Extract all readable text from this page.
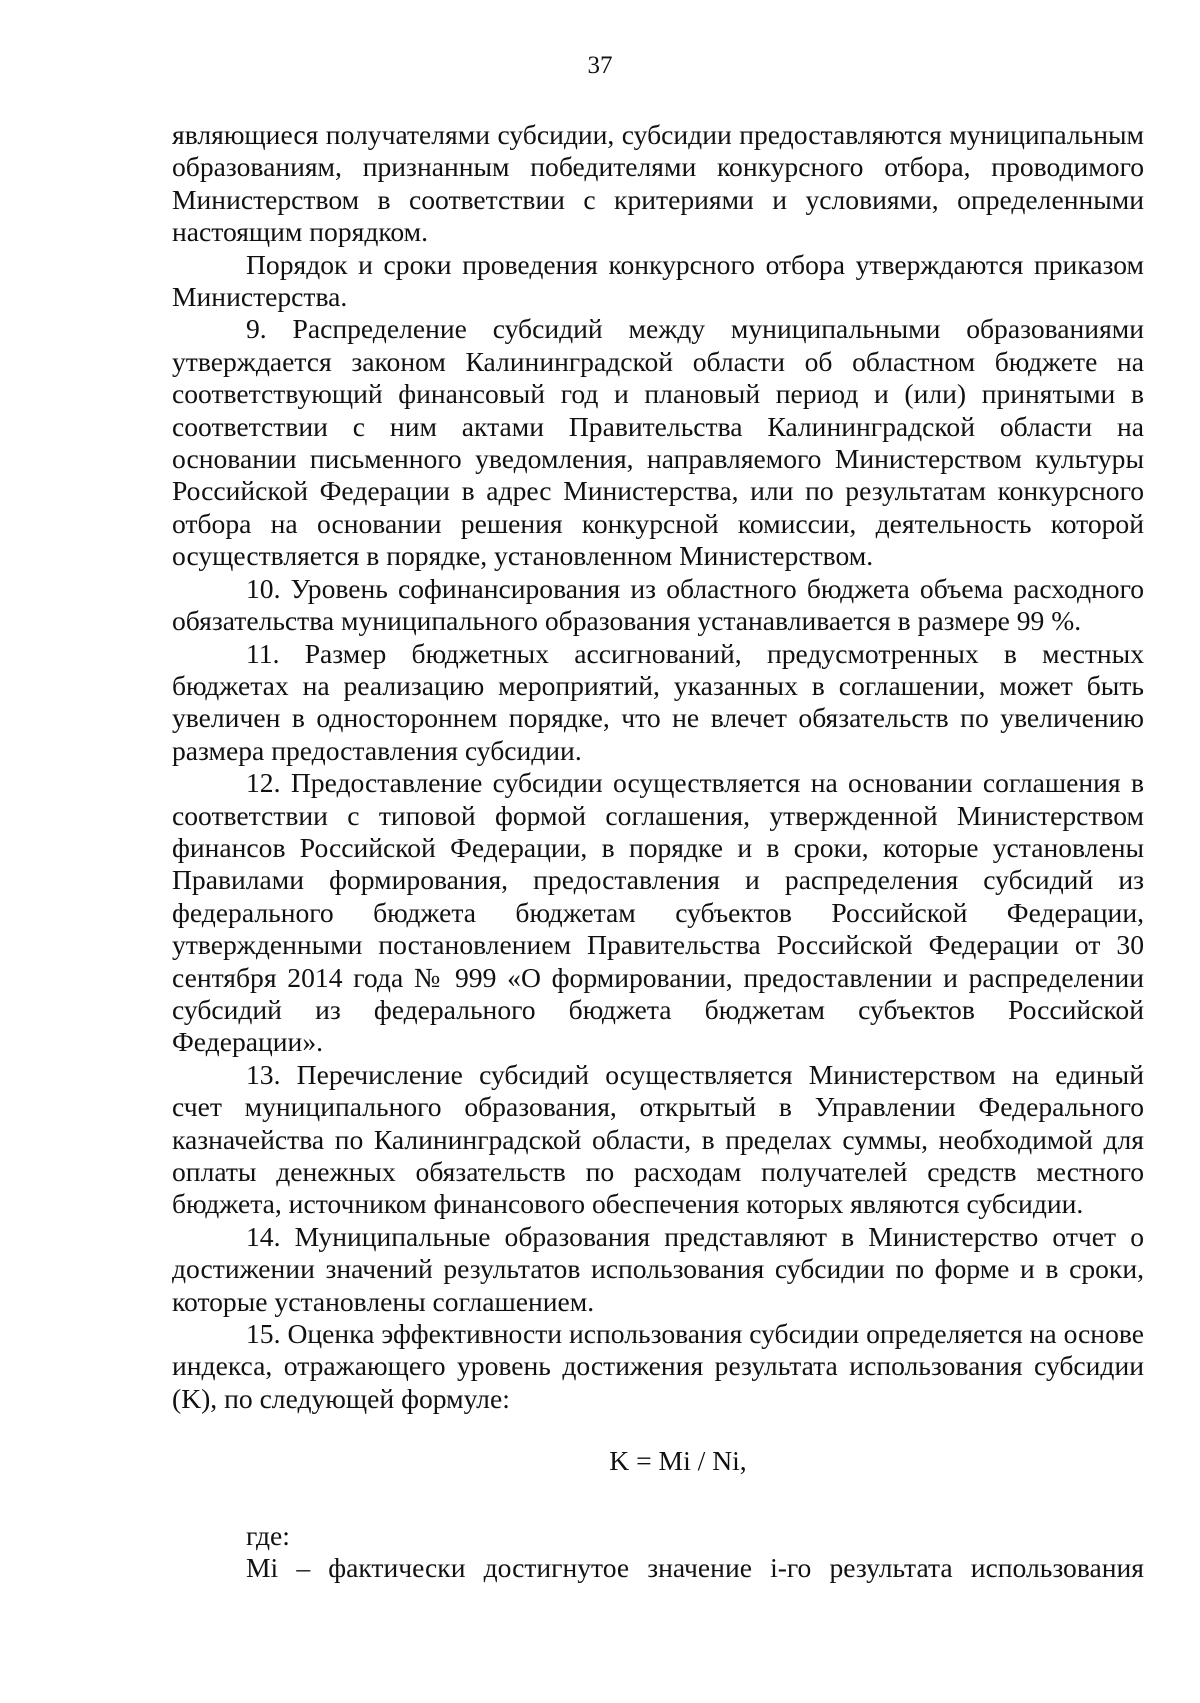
37

являющиеся получателями субсидии, субсидии предоставляются муниципальным образованиям, признанным победителями конкурсного отбора, проводимого Министерством в соответствии с критериями и условиями, определенными настоящим порядком.

Порядок и сроки проведения конкурсного отбора утверждаются приказом Министерства.

9. Распределение субсидий между муниципальными образованиями утверждается законом Калининградской области об областном бюджете на соответствующий финансовый год и плановый период и (или) принятыми в соответствии с ним актами Правительства Калининградской области на основании письменного уведомления, направляемого Министерством культуры Российской Федерации в адрес Министерства, или по результатам конкурсного отбора на основании решения конкурсной комиссии, деятельность которой осуществляется в порядке, установленном Министерством.

10. Уровень софинансирования из областного бюджета объема расходного обязательства муниципального образования устанавливается в размере 99 %.

11. Размер бюджетных ассигнований, предусмотренных в местных бюджетах на реализацию мероприятий, указанных в соглашении, может быть увеличен в одностороннем порядке, что не влечет обязательств по увеличению размера предоставления субсидии.

12. Предоставление субсидии осуществляется на основании соглашения в соответствии с типовой формой соглашения, утвержденной Министерством финансов Российской Федерации, в порядке и в сроки, которые установлены Правилами формирования, предоставления и распределения субсидий из федерального бюджета бюджетам субъектов Российской Федерации, утвержденными постановлением Правительства Российской Федерации от 30 сентября 2014 года № 999 «О формировании, предоставлении и распределении субсидий из федерального бюджета бюджетам субъектов Российской Федерации».

13. Перечисление субсидий осуществляется Министерством на единый счет муниципального образования, открытый в Управлении Федерального казначейства по Калининградской области, в пределах суммы, необходимой для оплаты денежных обязательств по расходам получателей средств местного бюджета, источником финансового обеспечения которых являются субсидии.

14. Муниципальные образования представляют в Министерство отчет о достижении значений результатов использования субсидии по форме и в сроки, которые установлены соглашением.

15. Оценка эффективности использования субсидии определяется на основе индекса, отражающего уровень достижения результата использования субсидии (K), по следующей формуле:

K = Mi / Ni,

где:

Mi – фактически достигнутое значение i-го результата использования
